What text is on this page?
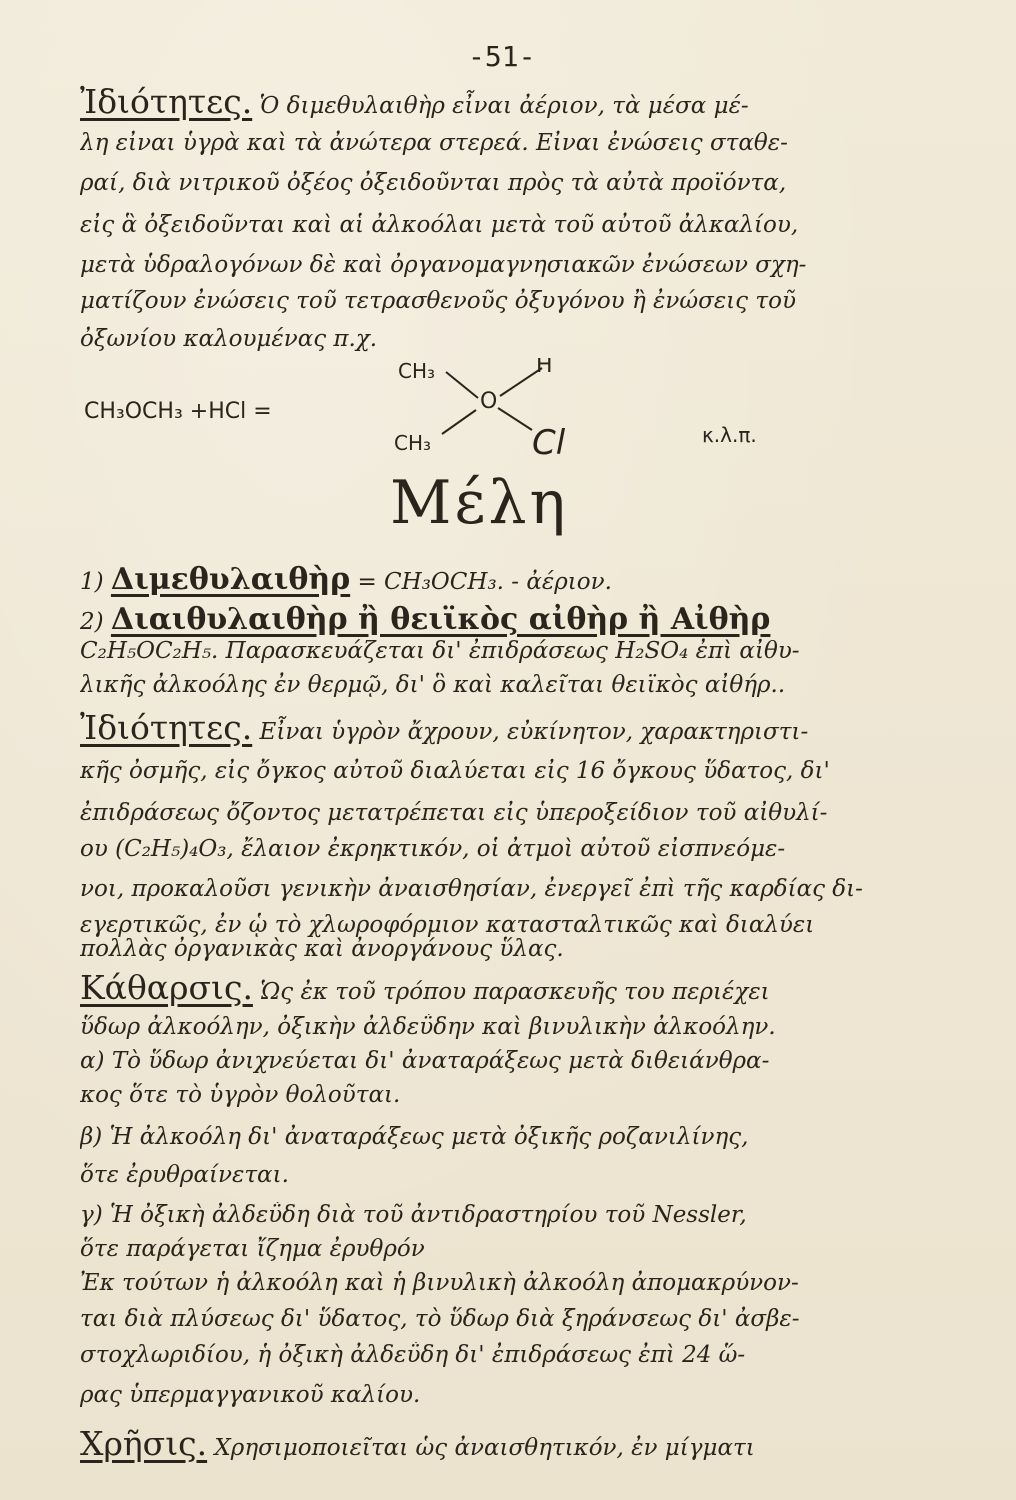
-51-
Ἰδιότητες. Ὁ διμεθυλαιθὴρ εἶναι ἀέριον, τὰ μέσα μέ-
λη εἶναι ὑγρὰ καὶ τὰ ἀνώτερα στερεά. Εἶναι ἐνώσεις σταθε-
ραί, διὰ νιτρικοῦ ὀξέος ὀξειδοῦνται πρὸς τὰ αὐτὰ προϊόντα,
εἰς ἃ ὀξειδοῦνται καὶ αἱ ἀλκοόλαι μετὰ τοῦ αὐτοῦ ἀλκαλίου,
μετὰ ὑδραλογόνων δὲ καὶ ὀργανομαγνησιακῶν ἐνώσεων σχη-
ματίζουν ἐνώσεις τοῦ τετρασθενοῦς ὀξυγόνου ἢ ἐνώσεις τοῦ
ὀξωνίου καλουμένας π.χ.
CH₃OCH₃ +HCl =
CH₃	H
O
CH₃	Cl	κ.λ.π.
Μέλη
1) Διμεθυλαιθὴρ = CH₃OCH₃. - ἀέριον.
2) Διαιθυλαιθὴρ ἢ θειϊκὸς αἰθὴρ ἢ Αἰθὴρ
C₂H₅OC₂H₅. Παρασκευάζεται δι' ἐπιδράσεως H₂SO₄ ἐπὶ αἰθυ-
λικῆς ἀλκοόλης ἐν θερμῷ, δι' ὃ καὶ καλεῖται θειϊκὸς αἰθήρ..
Ἰδιότητες. Εἶναι ὑγρὸν ἄχρουν, εὐκίνητον, χαρακτηριστι-
κῆς ὀσμῆς, εἰς ὄγκος αὐτοῦ διαλύεται εἰς 16 ὄγκους ὕδατος, δι'
ἐπιδράσεως ὄζοντος μετατρέπεται εἰς ὑπεροξείδιον τοῦ αἰθυλί-
ου (C₂H₅)₄O₃, ἔλαιον ἐκρηκτικόν, οἱ ἀτμοὶ αὐτοῦ εἰσπνεόμε-
νοι, προκαλοῦσι γενικὴν ἀναισθησίαν, ἐνεργεῖ ἐπὶ τῆς καρδίας δι-
εγερτικῶς, ἐν ᾧ τὸ χλωροφόρμιον κατασταλτικῶς καὶ διαλύει
πολλὰς ὀργανικὰς καὶ ἀνοργάνους ὕλας.
Κάθαρσις. Ὡς ἐκ τοῦ τρόπου παρασκευῆς του περιέχει
ὕδωρ ἀλκοόλην, ὀξικὴν ἀλδεΰδην καὶ βινυλικὴν ἀλκοόλην.
α) Τὸ ὕδωρ ἀνιχνεύεται δι' ἀναταράξεως μετὰ διθειάνθρα-
κος ὅτε τὸ ὑγρὸν θολοῦται.
β) Ἡ ἀλκοόλη δι' ἀναταράξεως μετὰ ὀξικῆς ροζανιλίνης,
ὅτε ἐρυθραίνεται.
γ) Ἡ ὀξικὴ ἀλδεΰδη διὰ τοῦ ἀντιδραστηρίου τοῦ Nessler,
ὅτε παράγεται ἴζημα ἐρυθρόν
Ἐκ τούτων ἡ ἀλκοόλη καὶ ἡ βινυλικὴ ἀλκοόλη ἀπομακρύνον-
ται διὰ πλύσεως δι' ὕδατος, τὸ ὕδωρ διὰ ξηράνσεως δι' ἀσβε-
στοχλωριδίου, ἡ ὀξικὴ ἀλδεΰδη δι' ἐπιδράσεως ἐπὶ 24 ὥ-
ρας ὑπερμαγγανικοῦ καλίου.
Χρῆσις. Χρησιμοποιεῖται ὡς ἀναισθητικόν, ἐν μίγματι
